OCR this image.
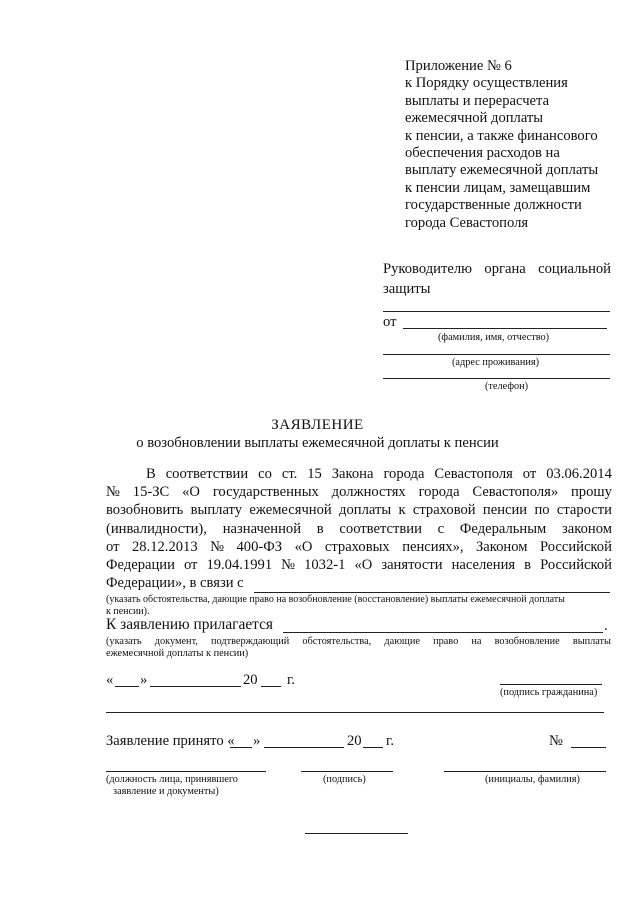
Приложение № 6
к Порядку осуществления
выплаты и перерасчета
ежемесячной доплаты
к пенсии, а также финансового
обеспечения расходов на
выплату ежемесячной доплаты
к пенсии лицам, замещавшим
государственные должности
города Севастополя
Руководителю органа социальной
защиты
от
(фамилия, имя, отчество)
(адрес проживания)
(телефон)
ЗАЯВЛЕНИЕ
о возобновлении выплаты ежемесячной доплаты к пенсии
В соответствии со ст. 15 Закона города Севастополя от 03.06.2014
№ 15-ЗС «О государственных должностях города Севастополя» прошу
возобновить выплату ежемесячной доплаты к страховой пенсии по старости
(инвалидности), назначенной в соответствии с Федеральным законом
от 28.12.2013 № 400-ФЗ «О страховых пенсиях», Законом Российской
Федерации от 19.04.1991 № 1032-1 «О занятости населения в Российской
Федерации», в связи с
(указать обстоятельства, дающие право на возобновление (восстановление) выплаты ежемесячной доплаты
к пенсии).
К заявлению прилагается	.
(указать документ, подтверждающий обстоятельства, дающие право на возобновление выплаты
ежемесячной доплаты к пенсии)
« »	20 г.
(подпись гражданина)
Заявление принято « »	20 г.	№
(должность лица, принявшего
заявление и документы)
(подпись)	(инициалы, фамилия)
